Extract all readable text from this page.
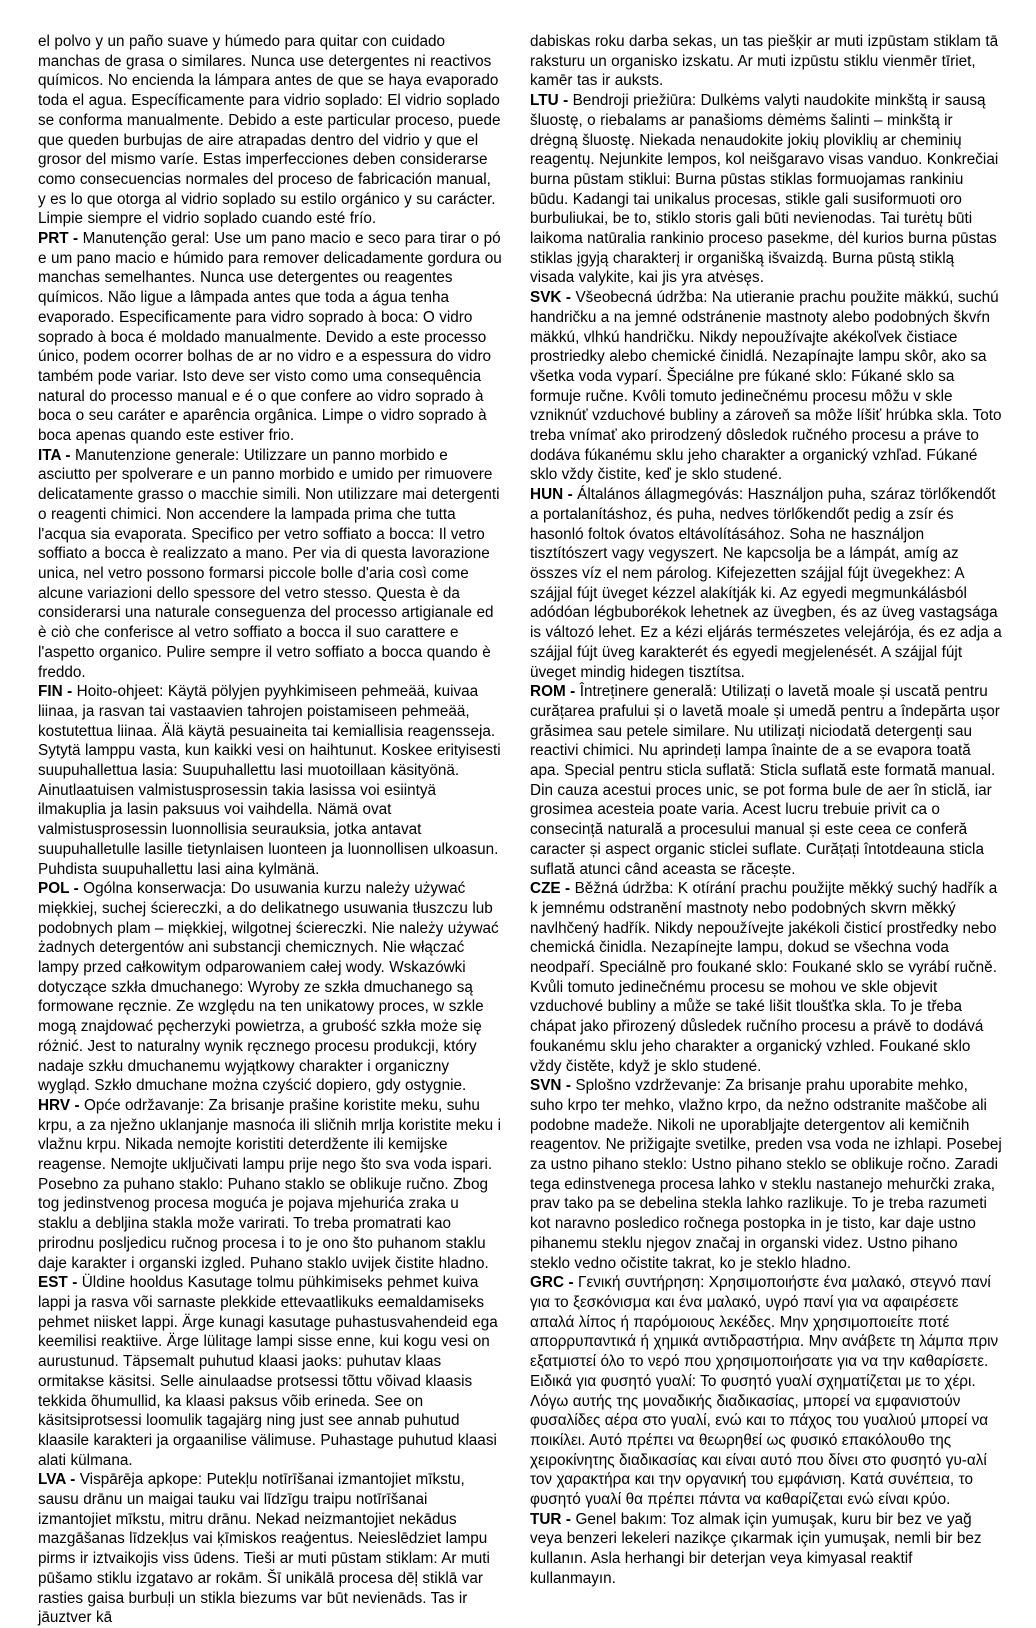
el polvo y un paño suave y húmedo para quitar con cuidado manchas de grasa o similares. Nunca use detergentes ni reactivos químicos. No encienda la lámpara antes de que se haya evaporado toda el agua. Específicamente para vidrio soplado: El vidrio soplado se conforma manualmente. Debido a este particular proceso, puede que queden burbujas de aire atrapadas dentro del vidrio y que el grosor del mismo varíe. Estas imperfecciones deben considerarse como consecuencias normales del proceso de fabricación manual, y es lo que otorga al vidrio soplado su estilo orgánico y su carácter. Limpie siempre el vidrio soplado cuando esté frío.

PRT - Manutenção geral: Use um pano macio e seco para tirar o pó e um pano macio e húmido para remover delicadamente gordura ou manchas semelhantes. Nunca use detergentes ou reagentes químicos. Não ligue a lâmpada antes que toda a água tenha evaporado. Especificamente para vidro soprado à boca: O vidro soprado à boca é moldado manualmente. Devido a este processo único, podem ocorrer bolhas de ar no vidro e a espessura do vidro também pode variar. Isto deve ser visto como uma consequência natural do processo manual e é o que confere ao vidro soprado à boca o seu caráter e aparência orgânica. Limpe o vidro soprado à boca apenas quando este estiver frio.

ITA - Manutenzione generale: Utilizzare un panno morbido e asciutto per spolverare e un panno morbido e umido per rimuovere delicatamente grasso o macchie simili. Non utilizzare mai detergenti o reagenti chimici. Non accendere la lampada prima che tutta l'acqua sia evaporata. Specifico per vetro soffiato a bocca: Il vetro soffiato a bocca è realizzato a mano. Per via di questa lavorazione unica, nel vetro possono formarsi piccole bolle d'aria così come alcune variazioni dello spessore del vetro stesso. Questa è da considerarsi una naturale conseguenza del processo artigianale ed è ciò che conferisce al vetro soffiato a bocca il suo carattere e l'aspetto organico. Pulire sempre il vetro soffiato a bocca quando è freddo.

FIN - Hoito-ohjeet: Käytä pölyjen pyyhkimiseen pehmeää, kuivaa liinaa, ja rasvan tai vastaavien tahrojen poistamiseen pehmeää, kostutettua liinaa. Älä käytä pesuaineita tai kemiallisia reagensseja. Sytytä lamppu vasta, kun kaikki vesi on haihtunut. Koskee erityisesti suupuhallettua lasia: Suupuhallettu lasi muotoillaan käsityönä. Ainutlaatuisen valmistusprosessin takia lasissa voi esiintyä ilmakuplia ja lasin paksuus voi vaihdella. Nämä ovat valmistusprosessin luonnollisia seurauksia, jotka antavat suupuhalletulle lasille tietynlaisen luonteen ja luonnollisen ulkoasun. Puhdista suupuhallettu lasi aina kylmänä.

POL - Ogólna konserwacja: Do usuwania kurzu należy używać miękkiej, suchej ściereczki, a do delikatnego usuwania tłuszczu lub podobnych plam – miękkiej, wilgotnej ściereczki. Nie należy używać żadnych detergentów ani substancji chemicznych. Nie włączać lampy przed całkowitym odparowaniem całej wody. Wskazówki dotyczące szkła dmuchanego: Wyroby ze szkła dmuchanego są formowane ręcznie. Ze względu na ten unikatowy proces, w szkle mogą znajdować pęcherzyki powietrza, a grubość szkła może się różnić. Jest to naturalny wynik ręcznego procesu produkcji, który nadaje szkłu dmuchanemu wyjątkowy charakter i organiczny wygląd. Szkło dmuchane można czyścić dopiero, gdy ostygnie.

HRV - Opće održavanje: Za brisanje prašine koristite meku, suhu krpu, a za nježno uklanjanje masnoća ili sličnih mrlja koristite meku i vlažnu krpu. Nikada nemojte koristiti deterdžente ili kemijske reagense. Nemojte uključivati lampu prije nego što sva voda ispari. Posebno za puhano staklo: Puhano staklo se oblikuje ručno. Zbog tog jedinstvenog procesa moguća je pojava mjehurića zraka u staklu a debljina stakla može varirati. To treba promatrati kao prirodnu posljedicu ručnog procesa i to je ono što puhanom staklu daje karakter i organski izgled. Puhano staklo uvijek čistite hladno.

EST - Üldine hooldus Kasutage tolmu pühkimiseks pehmet kuiva lappi ja rasva või sarnaste plekkide ettevaatlikuks eemaldamiseks pehmet niisket lappi. Ärge kunagi kasutage puhastusvahendeid ega keemilisi reaktiive. Ärge lülitage lampi sisse enne, kui kogu vesi on aurustunud. Täpsemalt puhutud klaasi jaoks: puhutav klaas ormitakse käsitsi. Selle ainulaadse protsessi tõttu võivad klaasis tekkida õhumullid, ka klaasi paksus võib erineda. See on käsitsiprotsessi loomulik tagajärg ning just see annab puhutud klaasile karakteri ja orgaanilise välimuse. Puhastage puhutud klaasi alati külmana.

LVA - Vispārēja apkope: Putekļu notīrīšanai izmantojiet mīkstu, sausu drānu un maigai tauku vai līdzīgu traipu notīrīšanai izmantojiet mīkstu, mitru drānu. Nekad neizmantojiet nekādus mazgāšanas līdzekļus vai ķīmiskos reaģentus. Neieslēdziet lampu pirms ir iztvaikojis viss ūdens. Tieši ar muti pūstam stiklam: Ar muti pūšamo stiklu izgatavo ar rokām. Šī unikālā procesa dēļ stiklā var rasties gaisa burbuļi un stikla biezums var būt nevienāds. Tas ir jāuztver kā

dabiskas roku darba sekas, un tas piešķir ar muti izpūstam stiklam tā raksturu un organisko izskatu. Ar muti izpūstu stiklu vienmēr tīriet, kamēr tas ir auksts.

LTU - Bendroji priežiūra: Dulkėms valyti naudokite minkštą ir sausą šluostę, o riebalams ar panašioms dėmėms šalinti – minkštą ir drėgną šluostę. Niekada nenaudokite jokių ploviklių ar cheminių reagentų. Nejunkite lempos, kol neišgaravo visas vanduo. Konkrečiai burna pūstam stiklui: Burna pūstas stiklas formuojamas rankiniu būdu. Kadangi tai unikalus procesas, stikle gali susiformuoti oro burbuliukai, be to, stiklo storis gali būti nevienodas. Tai turėtų būti laikoma natūralia rankinio proceso pasekme, dėl kurios burna pūstas stiklas įgyją charakterį ir organišką išvaizdą. Burna pūstą stiklą visada valykite, kai jis yra atvėsęs.

SVK - Všeobecná údržba: Na utieranie prachu použite mäkkú, suchú handričku a na jemné odstránenie mastnoty alebo podobných škvŕn mäkkú, vlhkú handričku. Nikdy nepoužívajte akékoľvek čistiace prostriedky alebo chemické činidlá. Nezapínajte lampu skôr, ako sa všetka voda vyparí. Špeciálne pre fúkané sklo: Fúkané sklo sa formuje ručne. Kvôli tomuto jedinečnému procesu môžu v skle vzniknúť vzduchové bubliny a zároveň sa môže líšiť hrúbka skla. Toto treba vnímať ako prirodzený dôsledok ručného procesu a práve to dodáva fúkanému sklu jeho charakter a organický vzhľad. Fúkané sklo vždy čistite, keď je sklo studené.

HUN - Általános állagmegóvás: Használjon puha, száraz törlőkendőt a portalanításhoz, és puha, nedves törlőkendőt pedig a zsír és hasonló foltok óvatos eltávolításához. Soha ne használjon tisztítószert vagy vegyszert. Ne kapcsolja be a lámpát, amíg az összes víz el nem párolog. Kifejezetten szájjal fújt üvegekhez: A szájjal fújt üveget kézzel alakítják ki. Az egyedi megmunkálásból adódóan légbuborékok lehetnek az üvegben, és az üveg vastagsága is változó lehet. Ez a kézi eljárás természetes velejárója, és ez adja a szájjal fújt üveg karakterét és egyedi megjelenését. A szájjal fújt üveget mindig hidegen tisztítsa.

ROM - Întreținere generală: Utilizați o lavetă moale și uscată pentru curățarea prafului și o lavetă moale și umedă pentru a îndepărta ușor grăsimea sau petele similare. Nu utilizați niciodată detergenți sau reactivi chimici. Nu aprindeți lampa înainte de a se evapora toată apa. Special pentru sticla suflată: Sticla suflată este formată manual. Din cauza acestui proces unic, se pot forma bule de aer în sticlă, iar grosimea acesteia poate varia. Acest lucru trebuie privit ca o consecință naturală a procesului manual și este ceea ce conferă caracter și aspect organic sticlei suflate. Curățați întotdeauna sticla suflată atunci când aceasta se răcește.

CZE - Běžná údržba: K otírání prachu použijte měkký suchý hadřík a k jemnému odstranění mastnoty nebo podobných skvrn měkký navlhčený hadřík. Nikdy nepoužívejte jakékoli čisticí prostředky nebo chemická činidla. Nezapínejte lampu, dokud se všechna voda neodpaří. Speciálně pro foukané sklo: Foukané sklo se vyrábí ručně. Kvůli tomuto jedinečnému procesu se mohou ve skle objevit vzduchové bubliny a může se také lišit tloušťka skla. To je třeba chápat jako přirozený důsledek ručního procesu a právě to dodává foukanému sklu jeho charakter a organický vzhled. Foukané sklo vždy čistěte, když je sklo studené.

SVN - Splošno vzdrževanje: Za brisanje prahu uporabite mehko, suho krpo ter mehko, vlažno krpo, da nežno odstranite maščobe ali podobne madeže. Nikoli ne uporabljajte detergentov ali kemičnih reagentov. Ne prižigajte svetilke, preden vsa voda ne izhlapi. Posebej za ustno pihano steklo: Ustno pihano steklo se oblikuje ročno. Zaradi tega edinstvenega procesa lahko v steklu nastanejo mehurčki zraka, prav tako pa se debelina stekla lahko razlikuje. To je treba razumeti kot naravno posledico ročnega postopka in je tisto, kar daje ustno pihanemu steklu njegov značaj in organski videz. Ustno pihano steklo vedno očistite takrat, ko je steklo hladno.

GRC - Γενική συντήρηση: Χρησιμοποιήστε ένα μαλακό, στεγνό πανί για το ξεσκόνισμα και ένα μαλακό, υγρό πανί για να αφαιρέσετε απαλά λίπος ή παρόμοιους λεκέδες. Μην χρησιμοποιείτε ποτέ απορρυπαντικά ή χημικά αντιδραστήρια. Μην ανάβετε τη λάμπα πριν εξατμιστεί όλο το νερό που χρησιμοποιήσατε για να την καθαρίσετε. Ειδικά για φυσητό γυαλί: Το φυσητό γυαλί σχηματίζεται με το χέρι. Λόγω αυτής της μοναδικής διαδικασίας, μπορεί να εμφανιστούν φυσαλίδες αέρα στο γυαλί, ενώ και το πάχος του γυαλιού μπορεί να ποικίλει. Αυτό πρέπει να θεωρηθεί ως φυσικό επακόλουθο της χειροκίνητης διαδικασίας και είναι αυτό που δίνει στο φυσητό γυ-αλί τον χαρακτήρα και την οργανική του εμφάνιση. Κατά συνέπεια, το φυσητό γυαλί θα πρέπει πάντα να καθαρίζεται ενώ είναι κρύο.

TUR - Genel bakım: Toz almak için yumuşak, kuru bir bez ve yağ veya benzeri lekeleri nazikçe çıkarmak için yumuşak, nemli bir bez kullanın. Asla herhangi bir deterjan veya kimyasal reaktif kullanmayın.
